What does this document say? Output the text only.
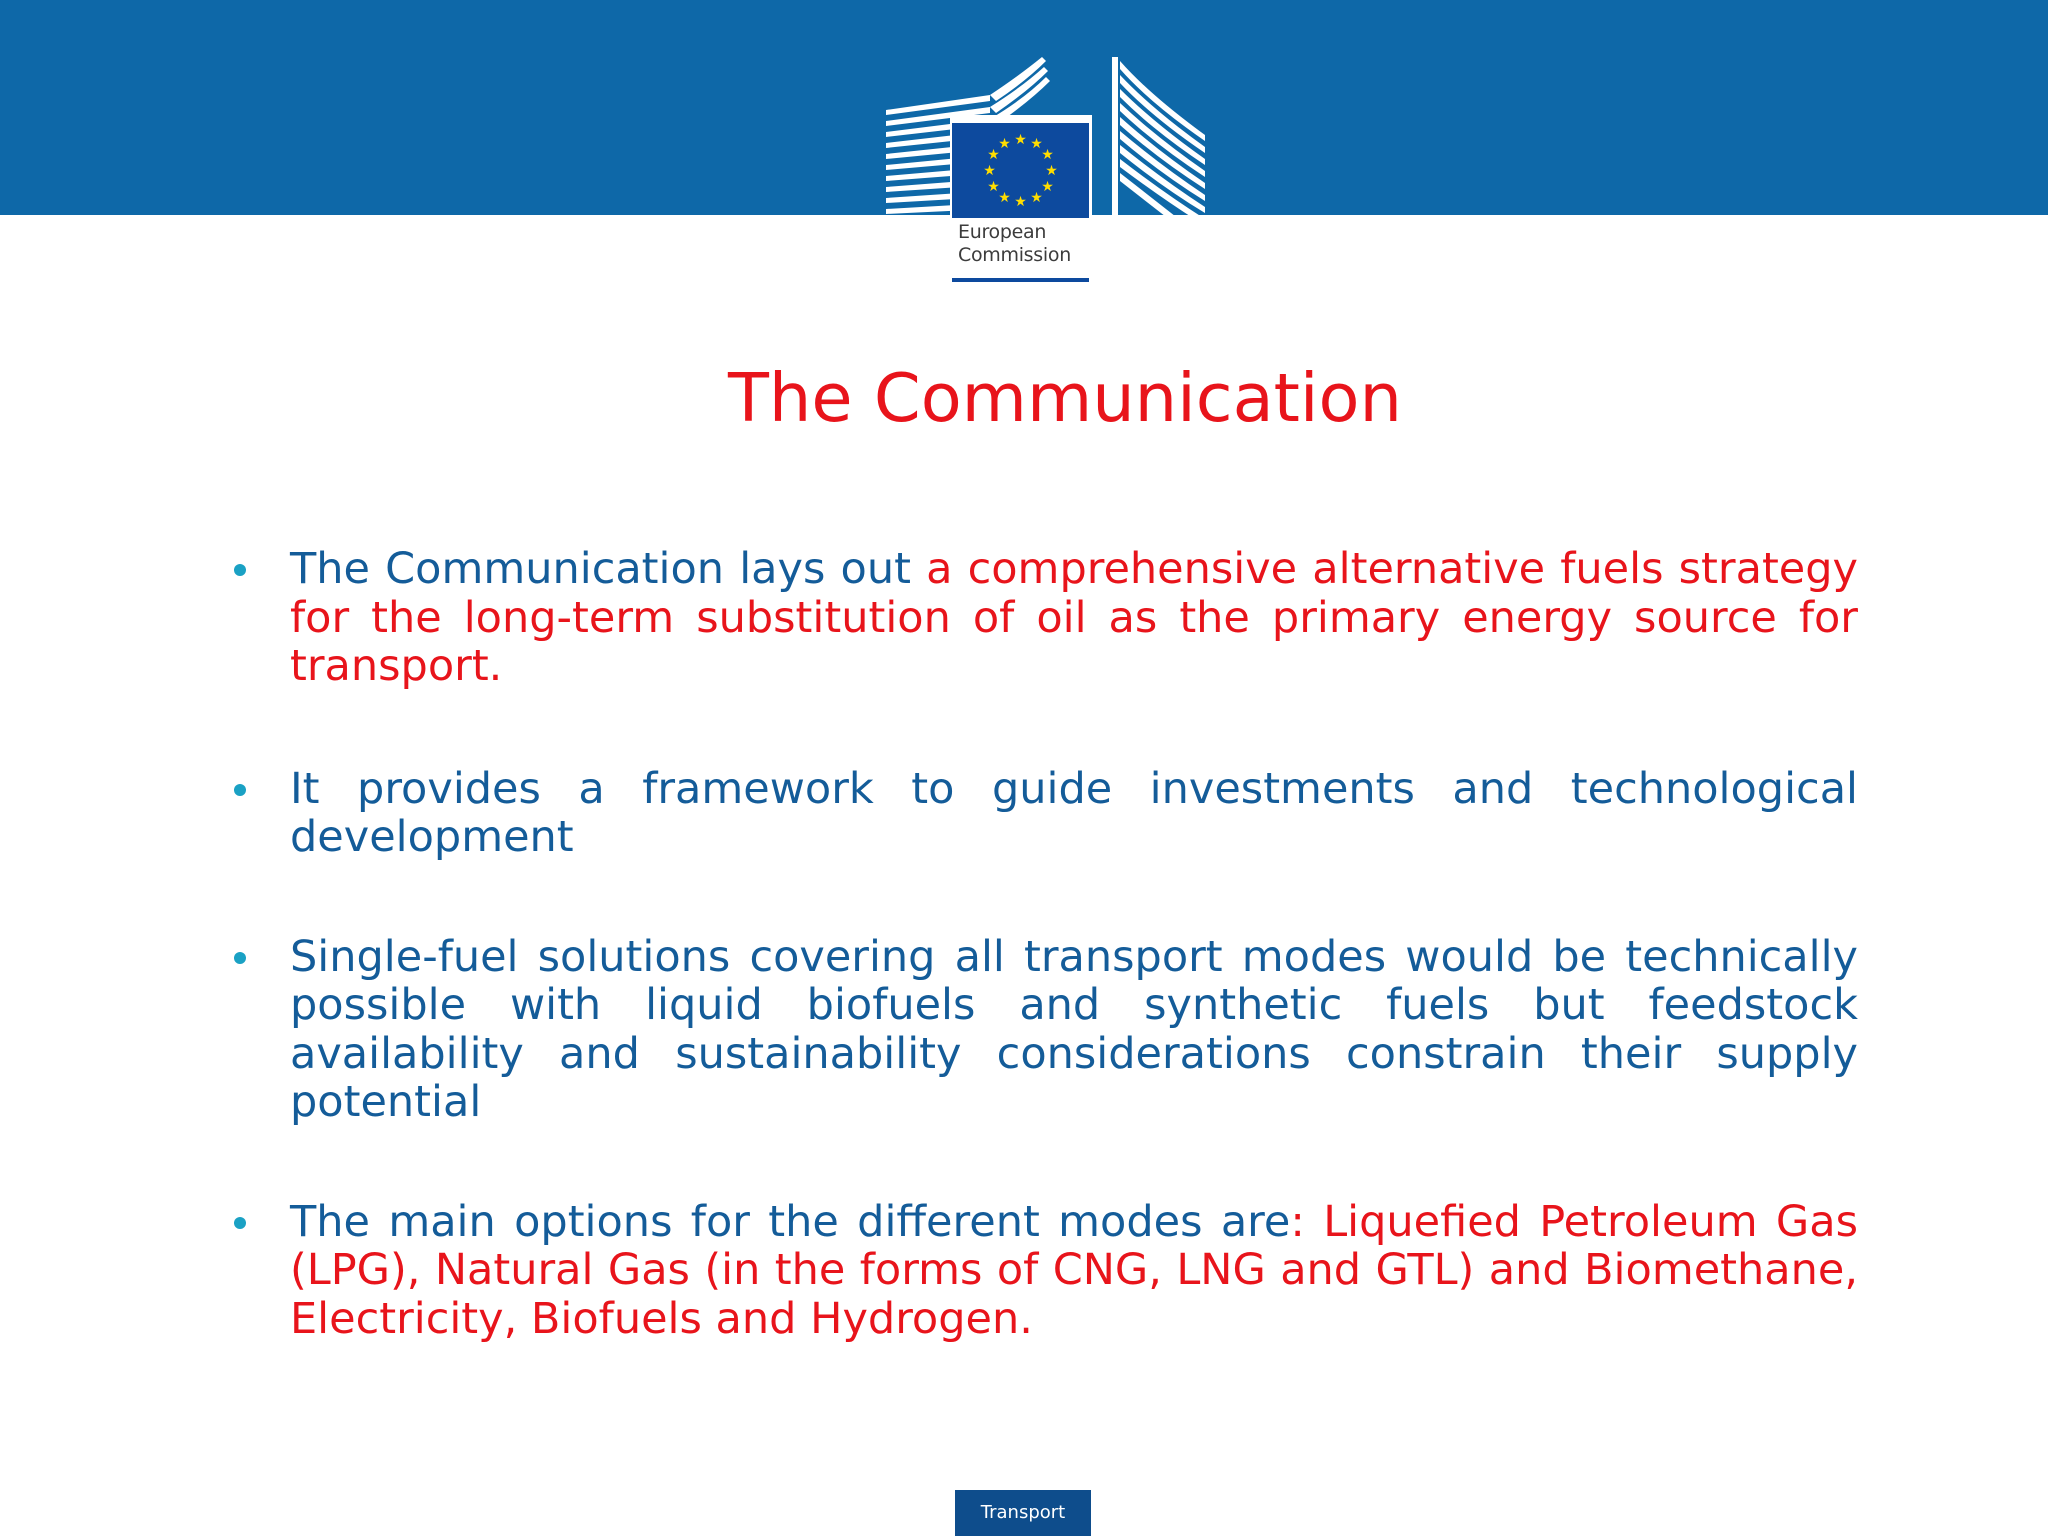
★ ★
★
★
★
★
★
★
★
★
★
★
European
Commission
The Communication
The Communication lays out a comprehensive alternative fuels strategy for the long-term substitution of oil as the primary energy source for transport.
It provides a framework to guide investments and technological development
Single-fuel solutions covering all transport modes would be technically possible with liquid biofuels and synthetic fuels but feedstock availability and sustainability considerations constrain their supply potential
The main options for the different modes are: Liquefied Petroleum Gas (LPG), Natural Gas (in the forms of CNG, LNG and GTL) and Biomethane, Electricity, Biofuels and Hydrogen.
Transport
